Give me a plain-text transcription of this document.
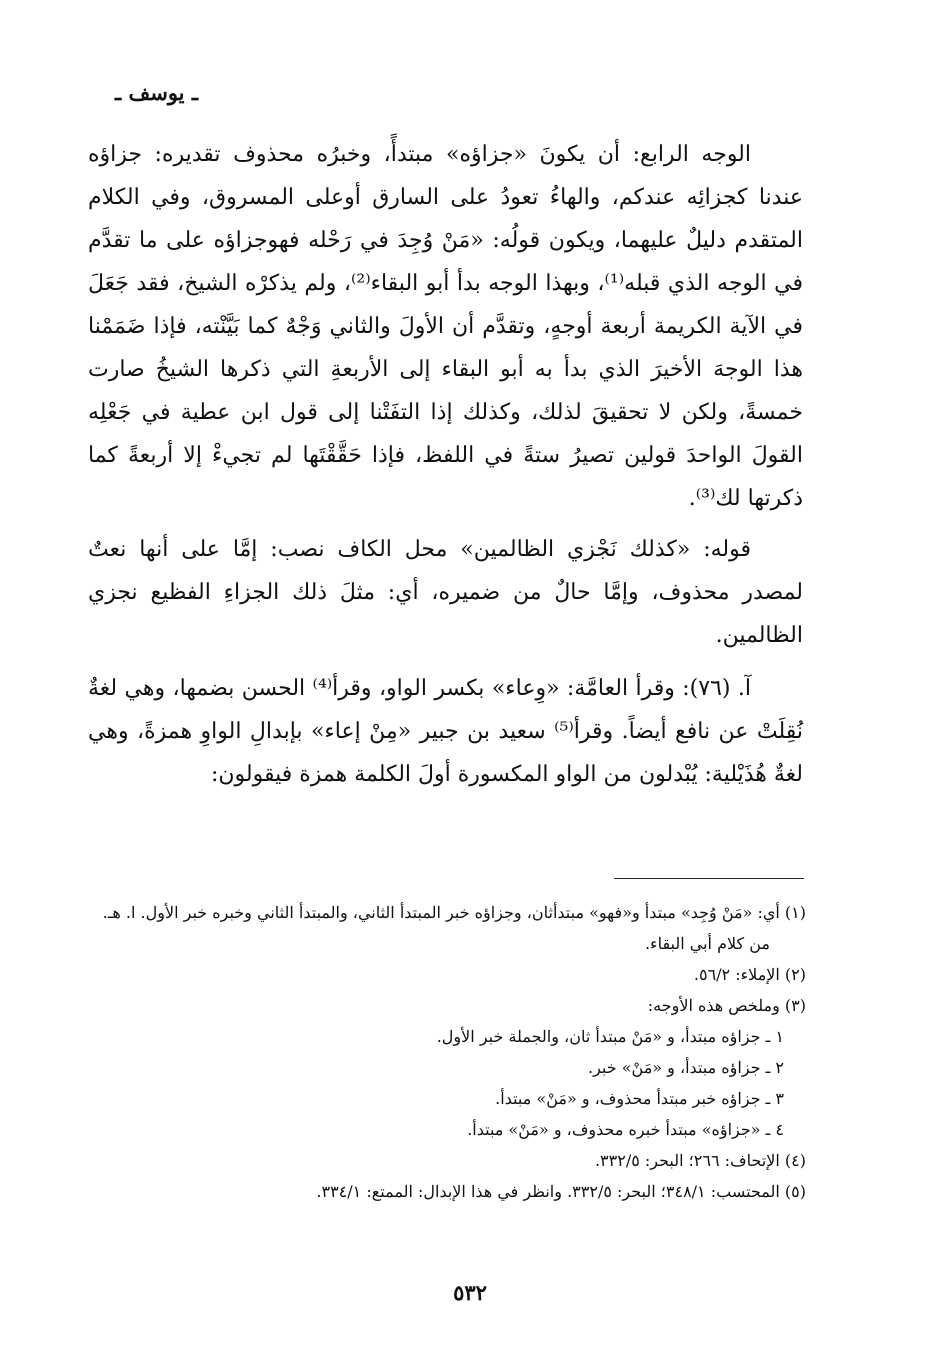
ـ يوسف ـ

الوجه الرابع: أن يكونَ «جزاؤه» مبتدأً، وخبرُه محذوف تقديره: جزاؤه عندنا كجزائِه عندكم، والهاءُ تعودُ على السارق أوعلى المسروق، وفي الكلام المتقدم دليلٌ عليهما، ويكون قولُه: «مَنْ وُجِدَ في رَحْله فهوجزاؤه على ما تقدَّم في الوجه الذي قبله⁽¹⁾، وبهذا الوجه بدأ أبو البقاء⁽²⁾، ولم يذكرْه الشيخ، فقد جَعَلَ في الآية الكريمة أربعة أوجهٍ، وتقدَّم أن الأولَ والثاني وَجْهٌ كما بَيَّنْته، فإذا ضَمَمْنا هذا الوجهَ الأخيرَ الذي بدأ به أبو البقاء إلى الأربعةِ التي ذكرها الشيخُ صارت خمسةً، ولكن لا تحقيقَ لذلك، وكذلك إذا التفَتْنا إلى قول ابن عطية في جَعْلِه القولَ الواحدَ قولين تصيرُ ستةً في اللفظ، فإذا حَقَّقْتَها لم تجيءْ إلا أربعةً كما ذكرتها لك⁽³⁾.

قوله: «كذلك نَجْزي الظالمين» محل الكاف نصب: إمَّا على أنها نعتٌ لمصدر محذوف، وإمَّا حالٌ من ضميره، أي: مثلَ ذلك الجزاءِ الفظيع نجزي الظالمين.

آ. (٧٦): وقرأ العامَّة: «وِعاء» بكسر الواو، وقرأ⁽⁴⁾ الحسن بضمها، وهي لغةٌ نُقِلَتْ عن نافع أيضاً. وقرأ⁽⁵⁾ سعيد بن جبير «مِنْ إعاء» بإبدالِ الواوِ همزةً، وهي لغةٌ هُذَيْلية: يُبْدلون من الواو المكسورة أولَ الكلمة همزة فيقولون:

(١) أي: «مَنْ وُجِد» مبتدأ و«فهو» مبتدأثان، وجزاؤه خبر المبتدأ الثاني، والمبتدأ الثاني وخبره خبر الأول. ا. هـ. من كلام أبي البقاء.
(٢) الإملاء: ٥٦/٢.
(٣) وملخص هذه الأوجه:
١ ـ جزاؤه مبتدأ، و «مَنْ مبتدأ ثان، والجملة خبر الأول.
٢ ـ جزاؤه مبتدأ، و «مَنْ» خبر.
٣ ـ جزاؤه خبر مبتدأ محذوف، و «مَنْ» مبتدأ.
٤ ـ «جزاؤه» مبتدأ خبره محذوف، و «مَنْ» مبتدأ.
(٤) الإتحاف: ٢٦٦؛ البحر: ٣٣٢/٥.
(٥) المحتسب: ٣٤٨/١؛ البحر: ٣٣٢/٥. وانظر في هذا الإبدال: الممتع: ٣٣٤/١.
٥٣٢
